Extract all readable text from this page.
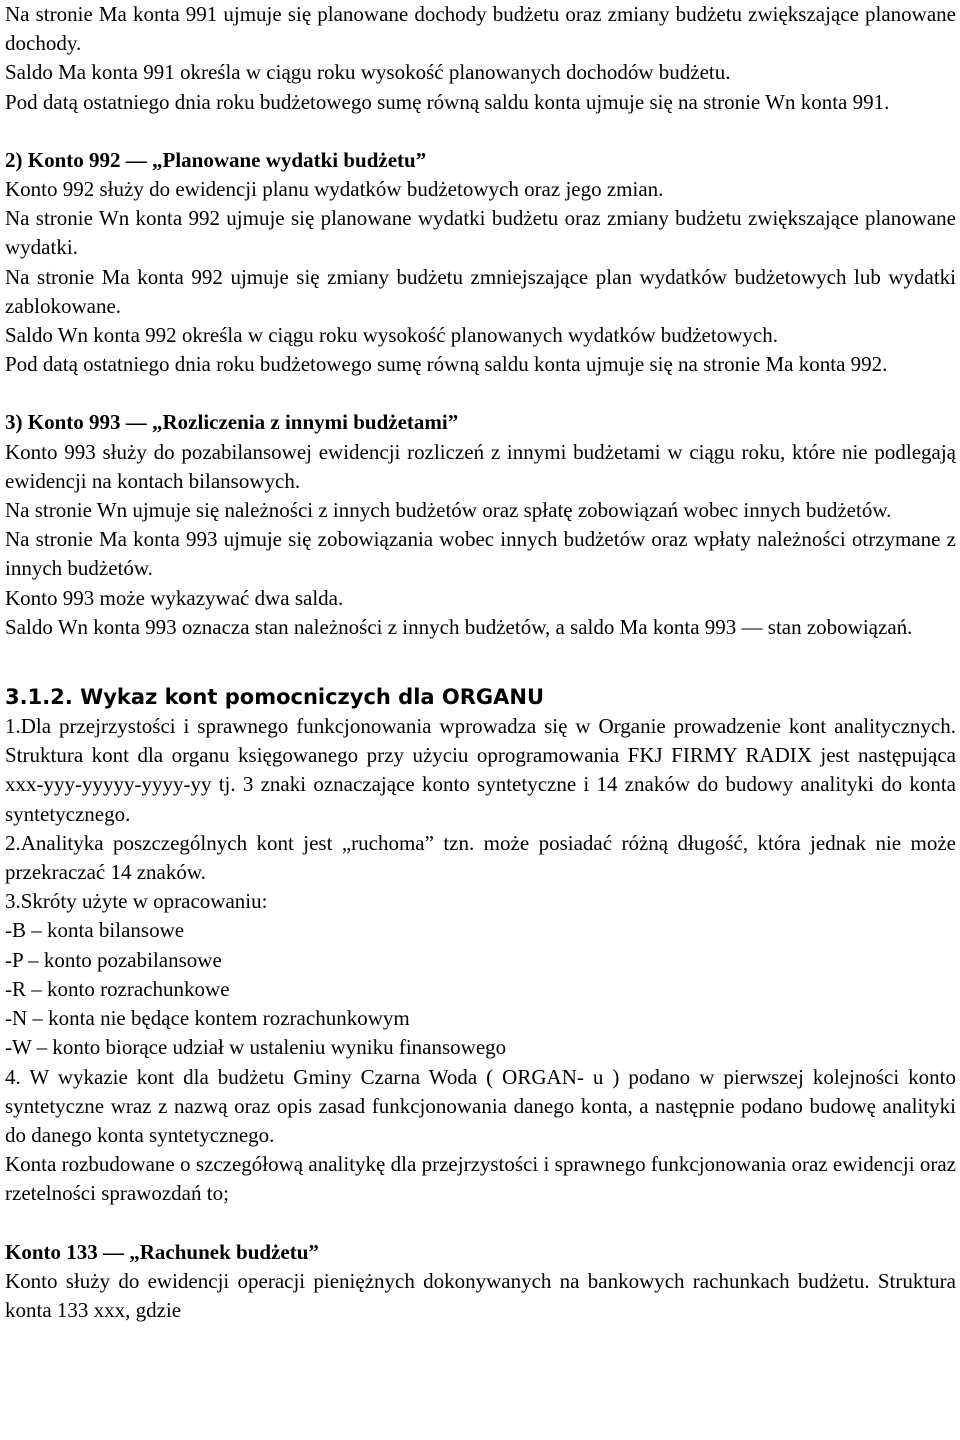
Na stronie Ma konta 991 ujmuje się planowane dochody budżetu oraz zmiany budżetu zwiększające planowane dochody.

Saldo Ma konta 991 określa w ciągu roku wysokość planowanych dochodów budżetu.

Pod datą ostatniego dnia roku budżetowego sumę równą saldu konta ujmuje się na stronie Wn konta 991.

2) Konto 992 — „Planowane wydatki budżetu”

Konto 992 służy do ewidencji planu wydatków budżetowych oraz jego zmian.

Na stronie Wn konta 992 ujmuje się planowane wydatki budżetu oraz zmiany budżetu zwiększające planowane wydatki.

Na stronie Ma konta 992 ujmuje się zmiany budżetu zmniejszające plan wydatków budżetowych lub wydatki zablokowane.

Saldo Wn konta 992 określa w ciągu roku wysokość planowanych wydatków budżetowych.

Pod datą ostatniego dnia roku budżetowego sumę równą saldu konta ujmuje się na stronie Ma konta 992.

3) Konto 993 — „Rozliczenia z innymi budżetami”

Konto 993 służy do pozabilansowej ewidencji rozliczeń z innymi budżetami w ciągu roku, które nie podlegają ewidencji na kontach bilansowych.

Na stronie Wn ujmuje się należności z innych budżetów oraz spłatę zobowiązań wobec innych budżetów.

Na stronie Ma konta 993 ujmuje się zobowiązania wobec innych budżetów oraz wpłaty należności otrzymane z innych budżetów.

Konto 993 może wykazywać dwa salda.

Saldo Wn konta 993 oznacza stan należności z innych budżetów, a saldo Ma konta 993 — stan zobowiązań.

3.1.2. Wykaz kont pomocniczych dla ORGANU

1.Dla przejrzystości i sprawnego funkcjonowania wprowadza się w Organie prowadzenie kont analitycznych. Struktura kont dla organu księgowanego przy użyciu oprogramowania FKJ FIRMY RADIX jest następująca xxx-yyy-yyyyy-yyyy-yy tj. 3 znaki oznaczające konto syntetyczne i 14 znaków do budowy analityki do konta syntetycznego.

2.Analityka poszczególnych kont jest „ruchoma” tzn. może posiadać różną długość, która jednak nie może przekraczać 14 znaków.

3.Skróty użyte w opracowaniu:

-B – konta bilansowe

-P – konto pozabilansowe

-R – konto rozrachunkowe

-N – konta nie będące kontem rozrachunkowym

-W – konto biorące udział w ustaleniu wyniku finansowego

4. W wykazie kont dla budżetu Gminy Czarna Woda ( ORGAN- u ) podano w pierwszej kolejności konto syntetyczne wraz z nazwą oraz opis zasad funkcjonowania danego konta, a następnie podano budowę analityki do danego konta syntetycznego.

Konta rozbudowane o szczegółową analitykę dla przejrzystości i sprawnego funkcjonowania oraz ewidencji oraz rzetelności sprawozdań to;

Konto 133 — „Rachunek budżetu”

Konto służy do ewidencji operacji pieniężnych dokonywanych na bankowych rachunkach budżetu. Struktura konta 133 xxx, gdzie
